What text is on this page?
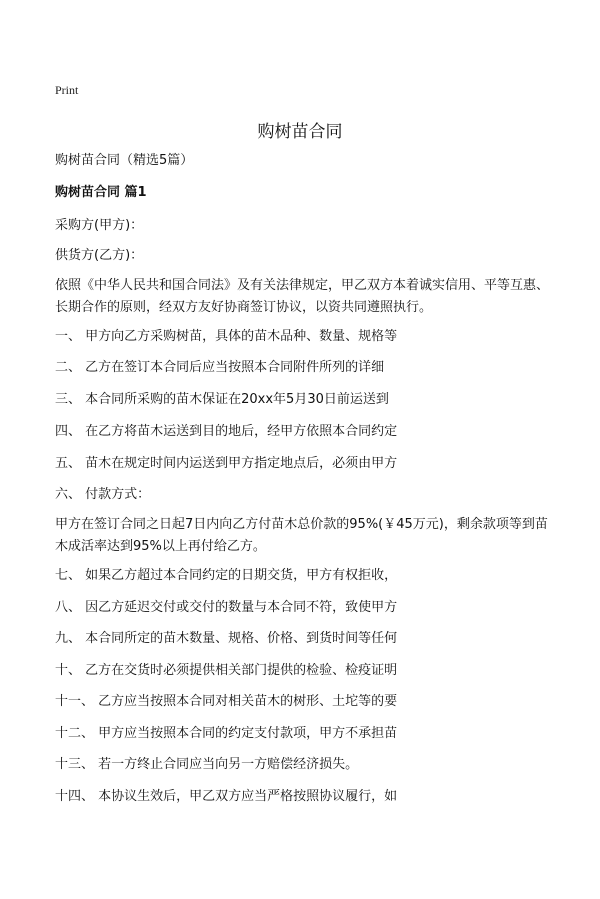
Print
购树苗合同
购树苗合同（精选5篇）
购树苗合同 篇1
采购方(甲方)：
供货方(乙方)：
依照《中华人民共和国合同法》及有关法律规定，甲乙双方本着诚实信用、平等互惠、长期合作的原则，经双方友好协商签订协议，以资共同遵照执行。
一、 甲方向乙方采购树苗，具体的苗木品种、数量、规格等
二、 乙方在签订本合同后应当按照本合同附件所列的详细
三、 本合同所采购的苗木保证在20xx年5月30日前运送到
四、 在乙方将苗木运送到目的地后，经甲方依照本合同约定
五、 苗木在规定时间内运送到甲方指定地点后，必须由甲方
六、 付款方式：
甲方在签订合同之日起7日内向乙方付苗木总价款的95%(￥45万元)，剩余款项等到苗木成活率达到95%以上再付给乙方。
七、 如果乙方超过本合同约定的日期交货，甲方有权拒收，
八、 因乙方延迟交付或交付的数量与本合同不符，致使甲方
九、 本合同所定的苗木数量、规格、价格、到货时间等任何
十、 乙方在交货时必须提供相关部门提供的检验、检疫证明
十一、 乙方应当按照本合同对相关苗木的树形、土坨等的要
十二、 甲方应当按照本合同的约定支付款项，甲方不承担苗
十三、 若一方终止合同应当向另一方赔偿经济损失。
十四、 本协议生效后，甲乙双方应当严格按照协议履行，如
